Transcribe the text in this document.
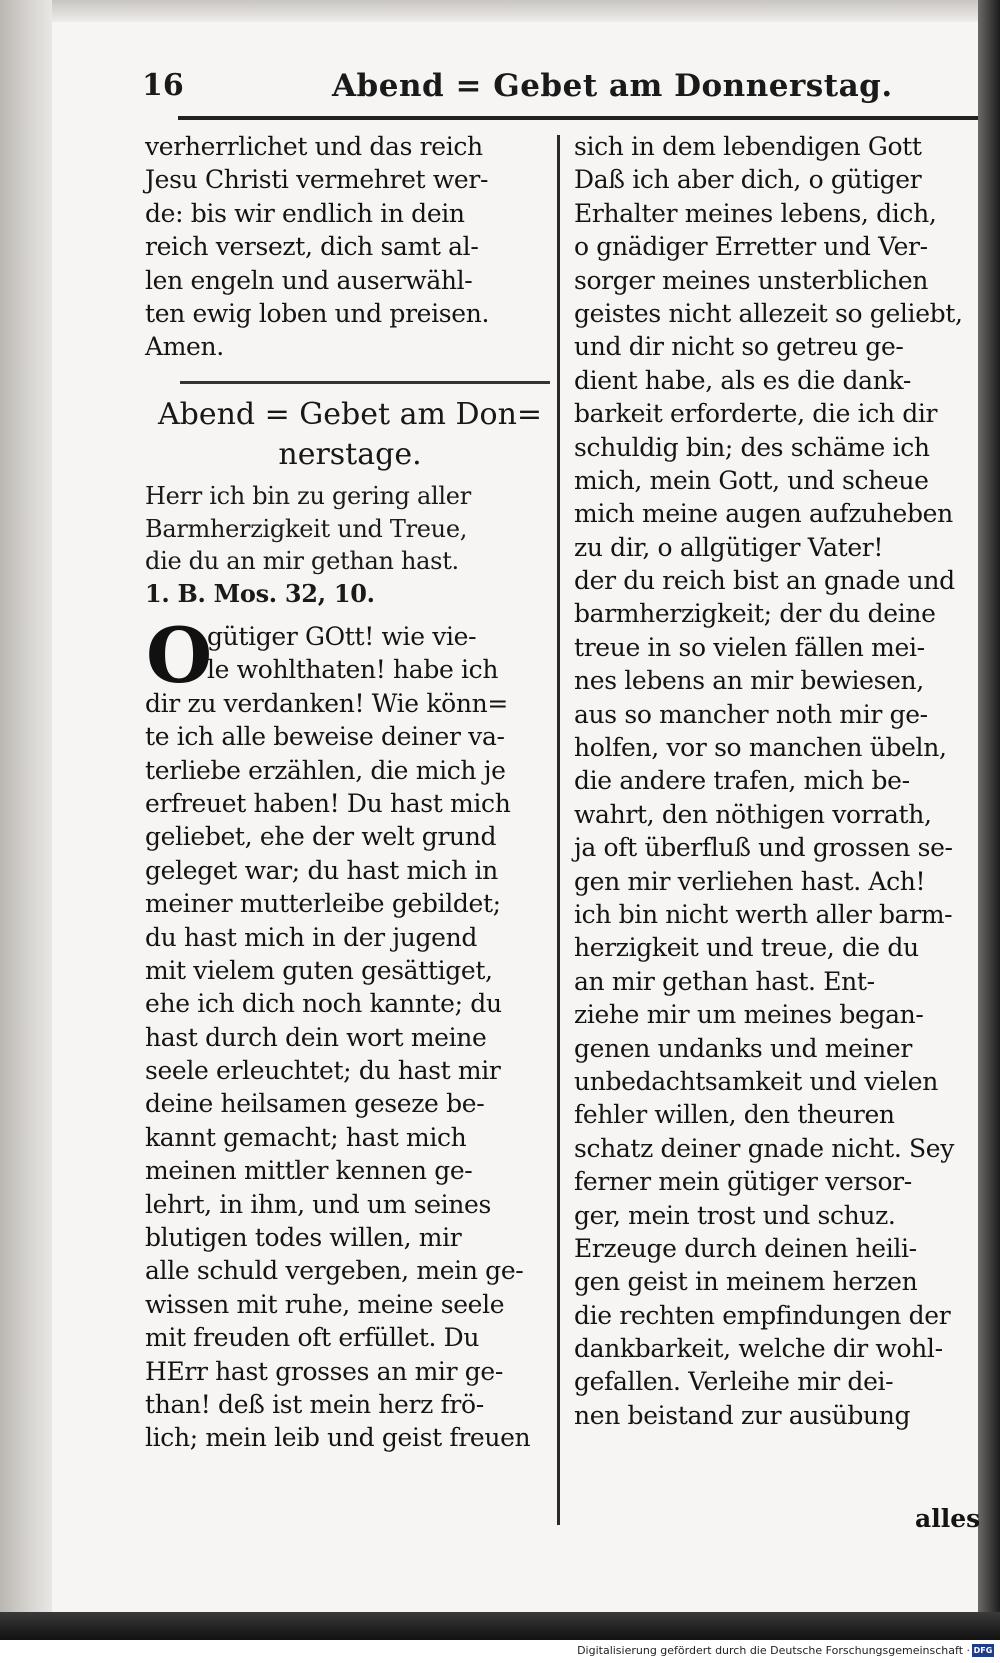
16	Abend = Gebet am Donnerstag.
verherrlichet und das reich
Jesu Christi vermehret wer-
de: bis wir endlich in dein
reich versezt, dich samt al-
len engeln und auserwähl-
ten ewig loben und preisen.
Amen.
Abend = Gebet am Don=
nerstage.
Herr ich bin zu gering aller
Barmherzigkeit und Treue,
die du an mir gethan hast.
1. B. Mos. 32, 10.
O
gütiger GOtt! wie vie-
le wohlthaten! habe ich
dir zu verdanken! Wie könn=
te ich alle beweise deiner va-
terliebe erzählen, die mich je
erfreuet haben! Du hast mich
geliebet, ehe der welt grund
geleget war; du hast mich in
meiner mutterleibe gebildet;
du hast mich in der jugend
mit vielem guten gesättiget,
ehe ich dich noch kannte; du
hast durch dein wort meine
seele erleuchtet; du hast mir
deine heilsamen geseze be-
kannt gemacht; hast mich
meinen mittler kennen ge-
lehrt, in ihm, und um seines
blutigen todes willen, mir
alle schuld vergeben, mein ge-
wissen mit ruhe, meine seele
mit freuden oft erfüllet. Du
HErr hast grosses an mir ge-
than! deß ist mein herz frö-
lich; mein leib und geist freuen
sich in dem lebendigen Gott
Daß ich aber dich, o gütiger
Erhalter meines lebens, dich,
o gnädiger Erretter und Ver-
sorger meines unsterblichen
geistes nicht allezeit so geliebt,
und dir nicht so getreu ge-
dient habe, als es die dank-
barkeit erforderte, die ich dir
schuldig bin; des schäme ich
mich, mein Gott, und scheue
mich meine augen aufzuheben
zu dir, o allgütiger Vater!
der du reich bist an gnade und
barmherzigkeit; der du deine
treue in so vielen fällen mei-
nes lebens an mir bewiesen,
aus so mancher noth mir ge-
holfen, vor so manchen übeln,
die andere trafen, mich be-
wahrt, den nöthigen vorrath,
ja oft überfluß und grossen se-
gen mir verliehen hast. Ach!
ich bin nicht werth aller barm-
herzigkeit und treue, die du
an mir gethan hast. Ent-
ziehe mir um meines began-
genen undanks und meiner
unbedachtsamkeit und vielen
fehler willen, den theuren
schatz deiner gnade nicht. Sey
ferner mein gütiger versor-
ger, mein trost und schuz.
Erzeuge durch deinen heili-
gen geist in meinem herzen
die rechten empfindungen der
dankbarkeit, welche dir wohl-
gefallen. Verleihe mir dei-
nen beistand zur ausübung
alles
Digitalisierung gefördert durch die Deutsche Forschungsgemeinschaft · DFG
